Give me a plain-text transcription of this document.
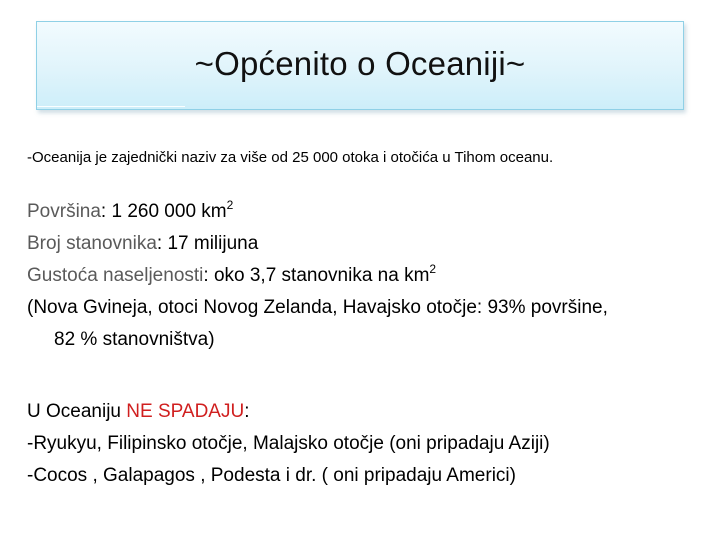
~Općenito o Oceaniji~
-Oceanija je zajednički naziv za više od 25 000 otoka i otočića u Tihom oceanu.
Površina: 1 260 000 $km^2$
Broj stanovnika: 17 milijuna
Gustoća naseljenosti: oko 3,7 stanovnika na $km^2$
(Nova Gvineja, otoci Novog Zelanda, Havajsko otočje: 93% površine,
82 % stanovništva)
U Oceaniju NE SPADAJU:
-Ryukyu, Filipinsko otočje, Malajsko otočje (oni pripadaju Aziji)
-Cocos , Galapagos , Podesta i dr. ( oni pripadaju Americi)
